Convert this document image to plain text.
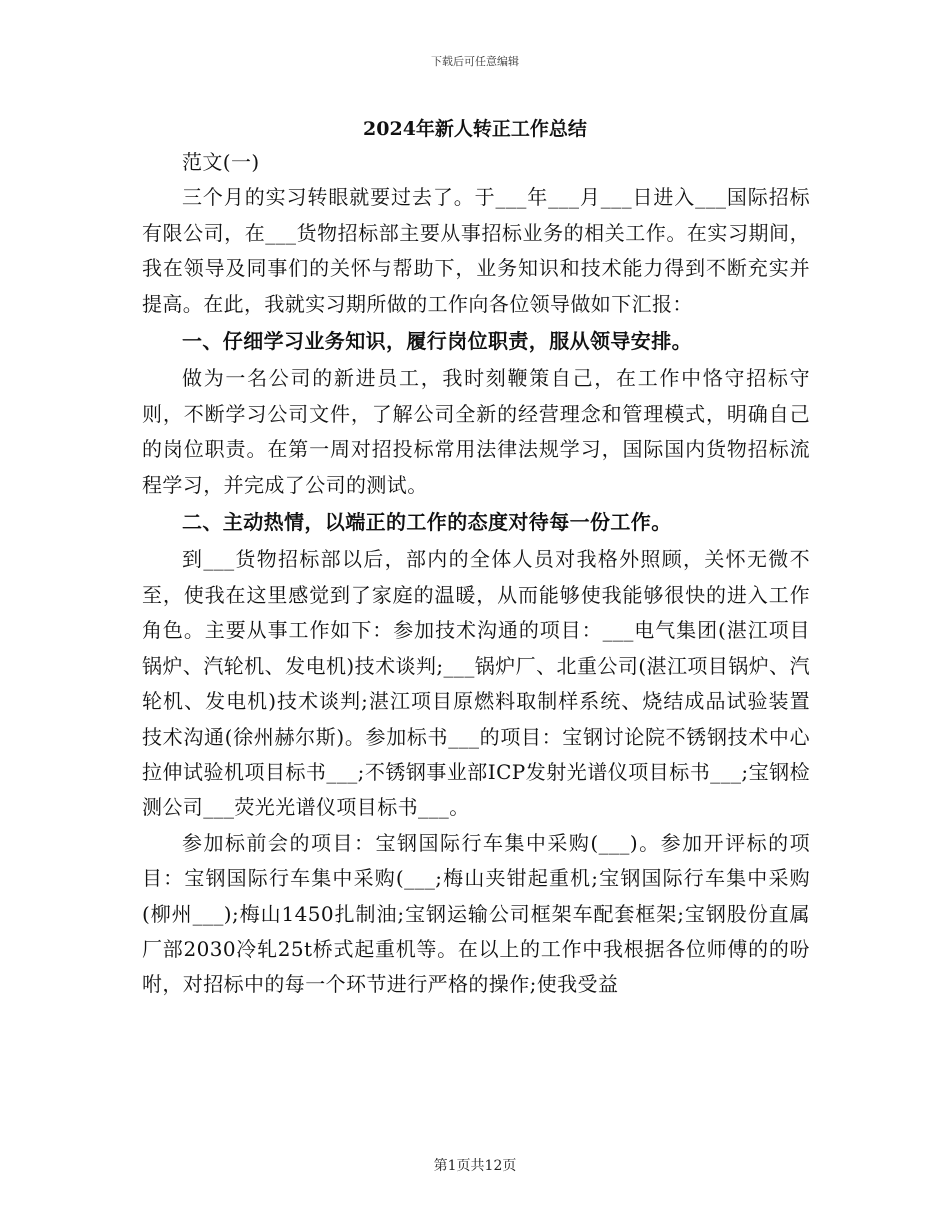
下载后可任意编辑
2024年新人转正工作总结

范文(一)

三个月的实习转眼就要过去了。于___年___月___日进入___国际招标有限公司，在___货物招标部主要从事招标业务的相关工作。在实习期间，我在领导及同事们的关怀与帮助下，业务知识和技术能力得到不断充实并提高。在此，我就实习期所做的工作向各位领导做如下汇报：

一、仔细学习业务知识，履行岗位职责，服从领导安排。

做为一名公司的新进员工，我时刻鞭策自己，在工作中恪守招标守则，不断学习公司文件，了解公司全新的经营理念和管理模式，明确自己的岗位职责。在第一周对招投标常用法律法规学习，国际国内货物招标流程学习，并完成了公司的测试。

二、主动热情，以端正的工作的态度对待每一份工作。

到___货物招标部以后，部内的全体人员对我格外照顾，关怀无微不至，使我在这里感觉到了家庭的温暖，从而能够使我能够很快的进入工作角色。主要从事工作如下：参加技术沟通的项目：___电气集团(湛江项目锅炉、汽轮机、发电机)技术谈判;___锅炉厂、北重公司(湛江项目锅炉、汽轮机、发电机)技术谈判;湛江项目原燃料取制样系统、烧结成品试验装置技术沟通(徐州赫尔斯)。参加标书___的项目：宝钢讨论院不锈钢技术中心拉伸试验机项目标书___;不锈钢事业部ICP发射光谱仪项目标书___;宝钢检测公司___荧光光谱仪项目标书___。

参加标前会的项目：宝钢国际行车集中采购(___)。参加开评标的项目：宝钢国际行车集中采购(___;梅山夹钳起重机;宝钢国际行车集中采购(柳州___);梅山1450扎制油;宝钢运输公司框架车配套框架;宝钢股份直属厂部2030冷轧25t桥式起重机等。在以上的工作中我根据各位师傅的的吩咐，对招标中的每一个环节进行严格的操作;使我受益

第1页共12页
